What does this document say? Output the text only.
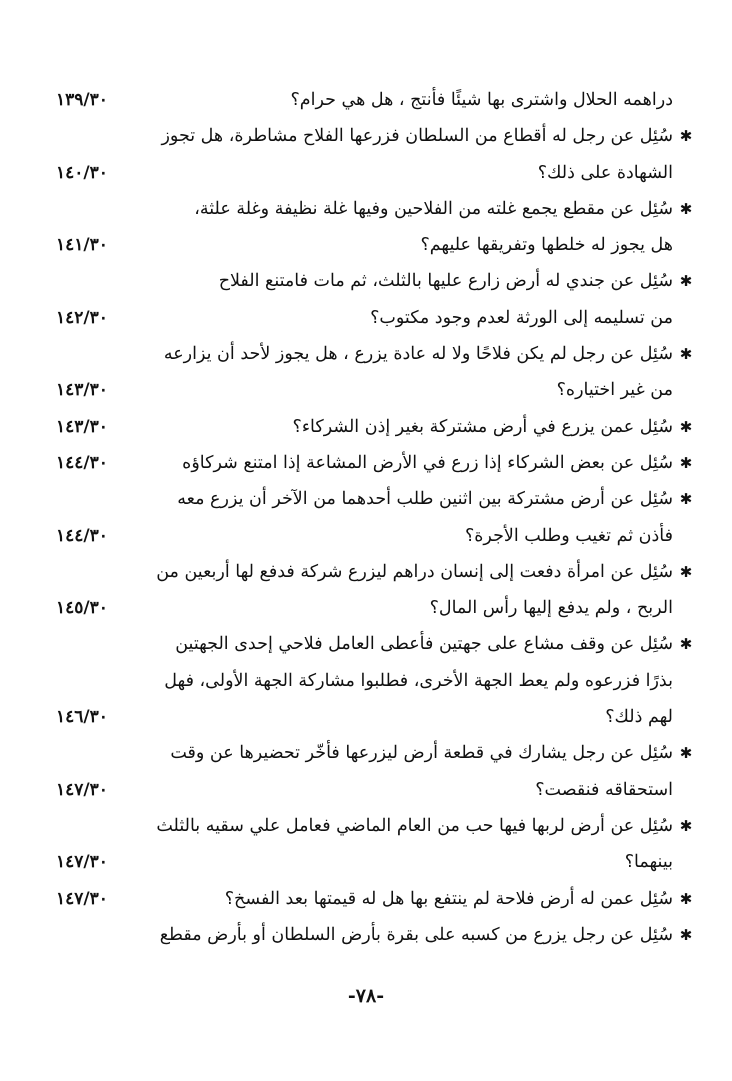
دراهمه الحلال واشترى بها شيئًا فأنتج ، هل هي حرام؟
١٣٩/٣٠
سُئِل عن رجل له أقطاع من السلطان فزرعها الفلاح مشاطرة، هل تجوز
الشهادة على ذلك؟
✱
١٤٠/٣٠
سُئِل عن مقطع يجمع غلته من الفلاحين وفيها غلة نظيفة وغلة علثة،
هل يجوز له خلطها وتفريقها عليهم؟
✱
١٤١/٣٠
سُئِل عن جندي له أرض زارع عليها بالثلث، ثم مات فامتنع الفلاح
من تسليمه إلى الورثة لعدم وجود مكتوب؟
✱
١٤٢/٣٠
سُئِل عن رجل لم يكن فلاحًا ولا له عادة يزرع ، هل يجوز لأحد أن يزارعه
من غير اختياره؟
✱
١٤٣/٣٠
سُئِل عمن يزرع في أرض مشتركة بغير إذن الشركاء؟ ✱
١٤٣/٣٠
سُئِل عن بعض الشركاء إذا زرع في الأرض المشاعة إذا امتنع شركاؤه ✱
١٤٤/٣٠
سُئِل عن أرض مشتركة بين اثنين طلب أحدهما من الآخر أن يزرع معه
فأذن ثم تغيب وطلب الأجرة؟
✱
١٤٤/٣٠
سُئِل عن امرأة دفعت إلى إنسان دراهم ليزرع شركة فدفع لها أربعين من
الربح ، ولم يدفع إليها رأس المال؟
✱
١٤٥/٣٠
سُئِل عن وقف مشاع على جهتين فأعطى العامل فلاحي إحدى الجهتين
بذرًا فزرعوه ولم يعط الجهة الأخرى، فطلبوا مشاركة الجهة الأولى، فهل
لهم ذلك؟
✱
١٤٦/٣٠
سُئِل عن رجل يشارك في قطعة أرض ليزرعها فأخّر تحضيرها عن وقت
استحقاقه فنقصت؟
✱
١٤٧/٣٠
سُئِل عن أرض لربها فيها حب من العام الماضي فعامل علي سقيه بالثلث
بينهما؟
✱
١٤٧/٣٠
سُئِل عمن له أرض فلاحة لم ينتفع بها هل له قيمتها بعد الفسخ؟ ✱
١٤٧/٣٠
سُئِل عن رجل يزرع من كسبه على بقرة بأرض السلطان أو بأرض مقطع ✱
-٧٨-
